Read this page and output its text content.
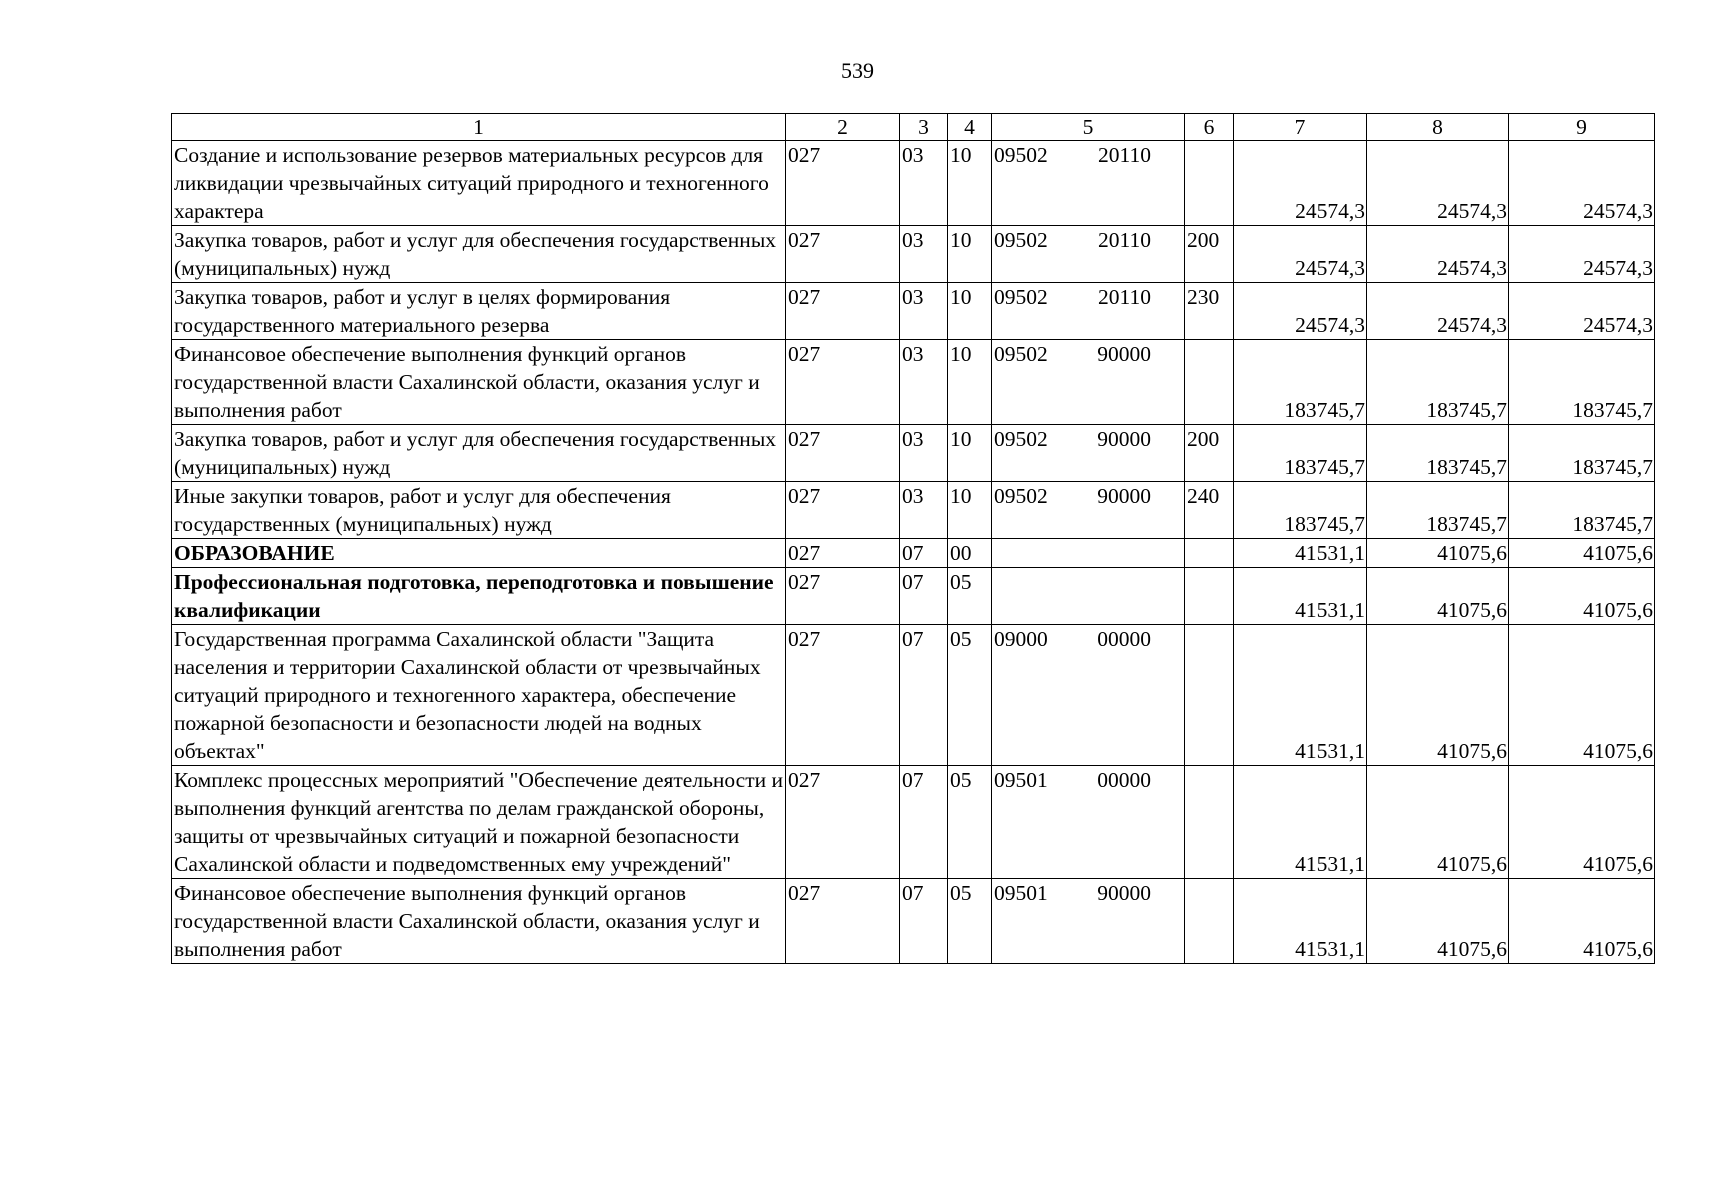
539
1	2	3	4	5	6	7	8	9
Создание и использование резервов материальных ресурсов для ликвидации чрезвычайных ситуаций природного и техногенного характера	027	03	10	09502 20110		24574,3	24574,3	24574,3
Закупка товаров, работ и услуг для обеспечения государственных (муниципальных) нужд	027	03	10	09502 20110	200	24574,3	24574,3	24574,3
Закупка товаров, работ и услуг в целях формирования государственного материального резерва	027	03	10	09502 20110	230	24574,3	24574,3	24574,3
Финансовое обеспечение выполнения функций органов государственной власти Сахалинской области, оказания услуг и выполнения работ	027	03	10	09502 90000		183745,7	183745,7	183745,7
Закупка товаров, работ и услуг для обеспечения государственных (муниципальных) нужд	027	03	10	09502 90000	200	183745,7	183745,7	183745,7
Иные закупки товаров, работ и услуг для обеспечения государственных (муниципальных) нужд	027	03	10	09502 90000	240	183745,7	183745,7	183745,7
ОБРАЗОВАНИЕ	027	07	00			41531,1	41075,6	41075,6
Профессиональная подготовка, переподготовка и повышение квалификации	027	07	05			41531,1	41075,6	41075,6
Государственная программа Сахалинской области "Защита населения и территории Сахалинской области от чрезвычайных ситуаций природного и техногенного характера, обеспечение пожарной безопасности и безопасности людей на водных объектах"	027	07	05	09000 00000		41531,1	41075,6	41075,6
Комплекс процессных мероприятий "Обеспечение деятельности и выполнения функций агентства по делам гражданской обороны, защиты от чрезвычайных ситуаций и пожарной безопасности Сахалинской области и подведомственных ему учреждений"	027	07	05	09501 00000		41531,1	41075,6	41075,6
Финансовое обеспечение выполнения функций органов государственной власти Сахалинской области, оказания услуг и выполнения работ	027	07	05	09501 90000		41531,1	41075,6	41075,6
